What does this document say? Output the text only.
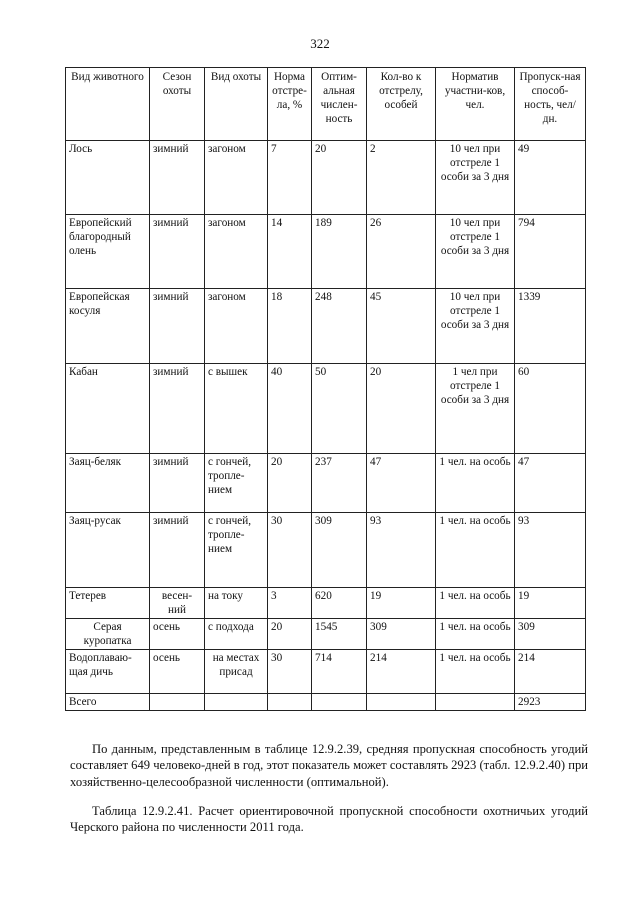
322
Вид животного	Сезон охоты	Вид охоты	Норма отстре-ла, %	Оптим-альная числен-ность	Кол-во к отстрелу, особей	Норматив участни-ков, чел.	Пропуск-ная способ-ность, чел/дн.
Лось	зимний	загоном	7	20	2	10 чел при отстреле 1 особи за 3 дня	49
Европейский благородный олень	зимний	загоном	14	189	26	10 чел при отстреле 1 особи за 3 дня	794
Европейская косуля	зимний	загоном	18	248	45	10 чел при отстреле 1 особи за 3 дня	1339
Кабан	зимний	с вышек	40	50	20	1 чел при отстреле 1 особи за 3 дня	60
Заяц-беляк	зимний	с гончей, тропле-нием	20	237	47	1 чел. на особь	47
Заяц-русак	зимний	с гончей, тропле-нием	30	309	93	1 чел. на особь	93
Тетерев	весен-ний	на току	3	620	19	1 чел. на особь	19
Серая куропатка	осень	с подхода	20	1545	309	1 чел. на особь	309
Водоплаваю-щая дичь	осень	на местах присад	30	714	214	1 чел. на особь	214
Всего							2923

По данным, представленным в таблице 12.9.2.39, средняя пропускная способность угодий составляет 649 человеко-дней в год, этот показатель может составлять 2923 (табл. 12.9.2.40) при хозяйственно-целесообразной численности (оптимальной).

Таблица 12.9.2.41. Расчет ориентировочной пропускной способности охотничьих угодий Черского района по численности 2011 года.
